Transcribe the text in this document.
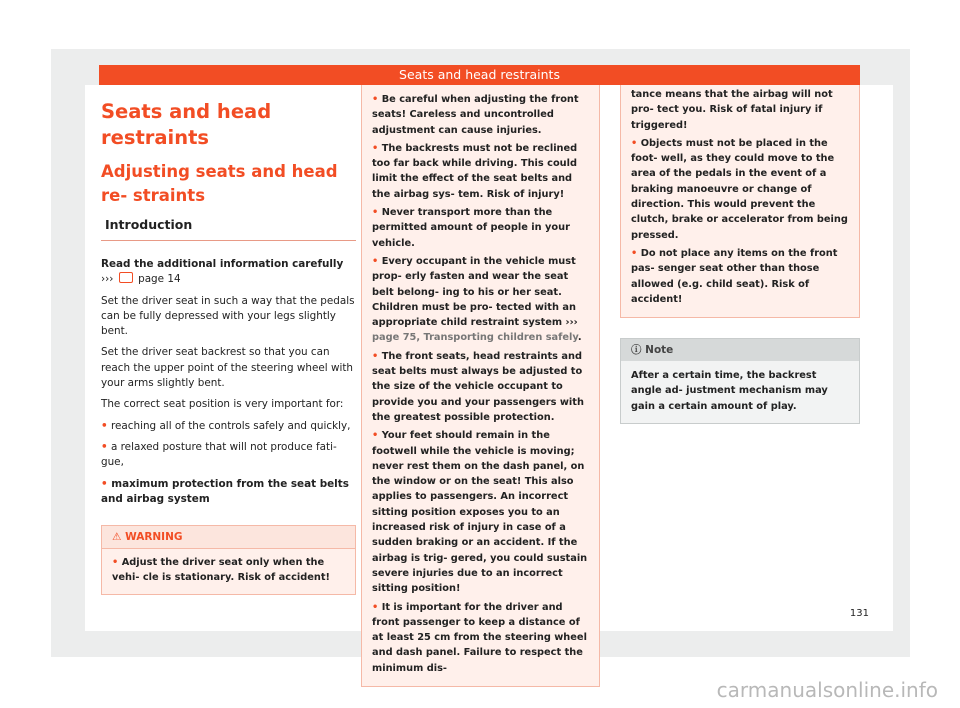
Seats and head restraints
Seats and head restraints
Adjusting seats and head re- straints
Introduction

Read the additional information carefully

››› page 14

Set the driver seat in such a way that the pedals can be fully depressed with your legs slightly bent.

Set the driver seat backrest so that you can reach the upper point of the steering wheel with your arms slightly bent.

The correct seat position is very important for:

• reaching all of the controls safely and quickly,

• a relaxed posture that will not produce fati- gue,

• maximum protection from the seat belts and airbag system

⚠ WARNING

• Adjust the driver seat only when the vehi- cle is stationary. Risk of accident!

• Be careful when adjusting the front seats! Careless and uncontrolled adjustment can cause injuries.

• The backrests must not be reclined too far back while driving. This could limit the effect of the seat belts and the airbag sys- tem. Risk of injury!

• Never transport more than the permitted amount of people in your vehicle.

• Every occupant in the vehicle must prop- erly fasten and wear the seat belt belong- ing to his or her seat. Children must be pro- tected with an appropriate child restraint system ››› page 75, Transporting children safely.

• The front seats, head restraints and seat belts must always be adjusted to the size of the vehicle occupant to provide you and your passengers with the greatest possible protection.

• Your feet should remain in the footwell while the vehicle is moving; never rest them on the dash panel, on the window or on the seat! This also applies to passengers. An incorrect sitting position exposes you to an increased risk of injury in case of a sudden braking or an accident. If the airbag is trig- gered, you could sustain severe injuries due to an incorrect sitting position!

• It is important for the driver and front passenger to keep a distance of at least 25 cm from the steering wheel and dash panel. Failure to respect the minimum dis-

tance means that the airbag will not pro- tect you. Risk of fatal injury if triggered!

• Objects must not be placed in the foot- well, as they could move to the area of the pedals in the event of a braking manoeuvre or change of direction. This would prevent the clutch, brake or accelerator from being pressed.

• Do not place any items on the front pas- senger seat other than those allowed (e.g. child seat). Risk of accident!

ⓘ Note

After a certain time, the backrest angle ad- justment mechanism may gain a certain amount of play.

131
carmanualsonline.info
